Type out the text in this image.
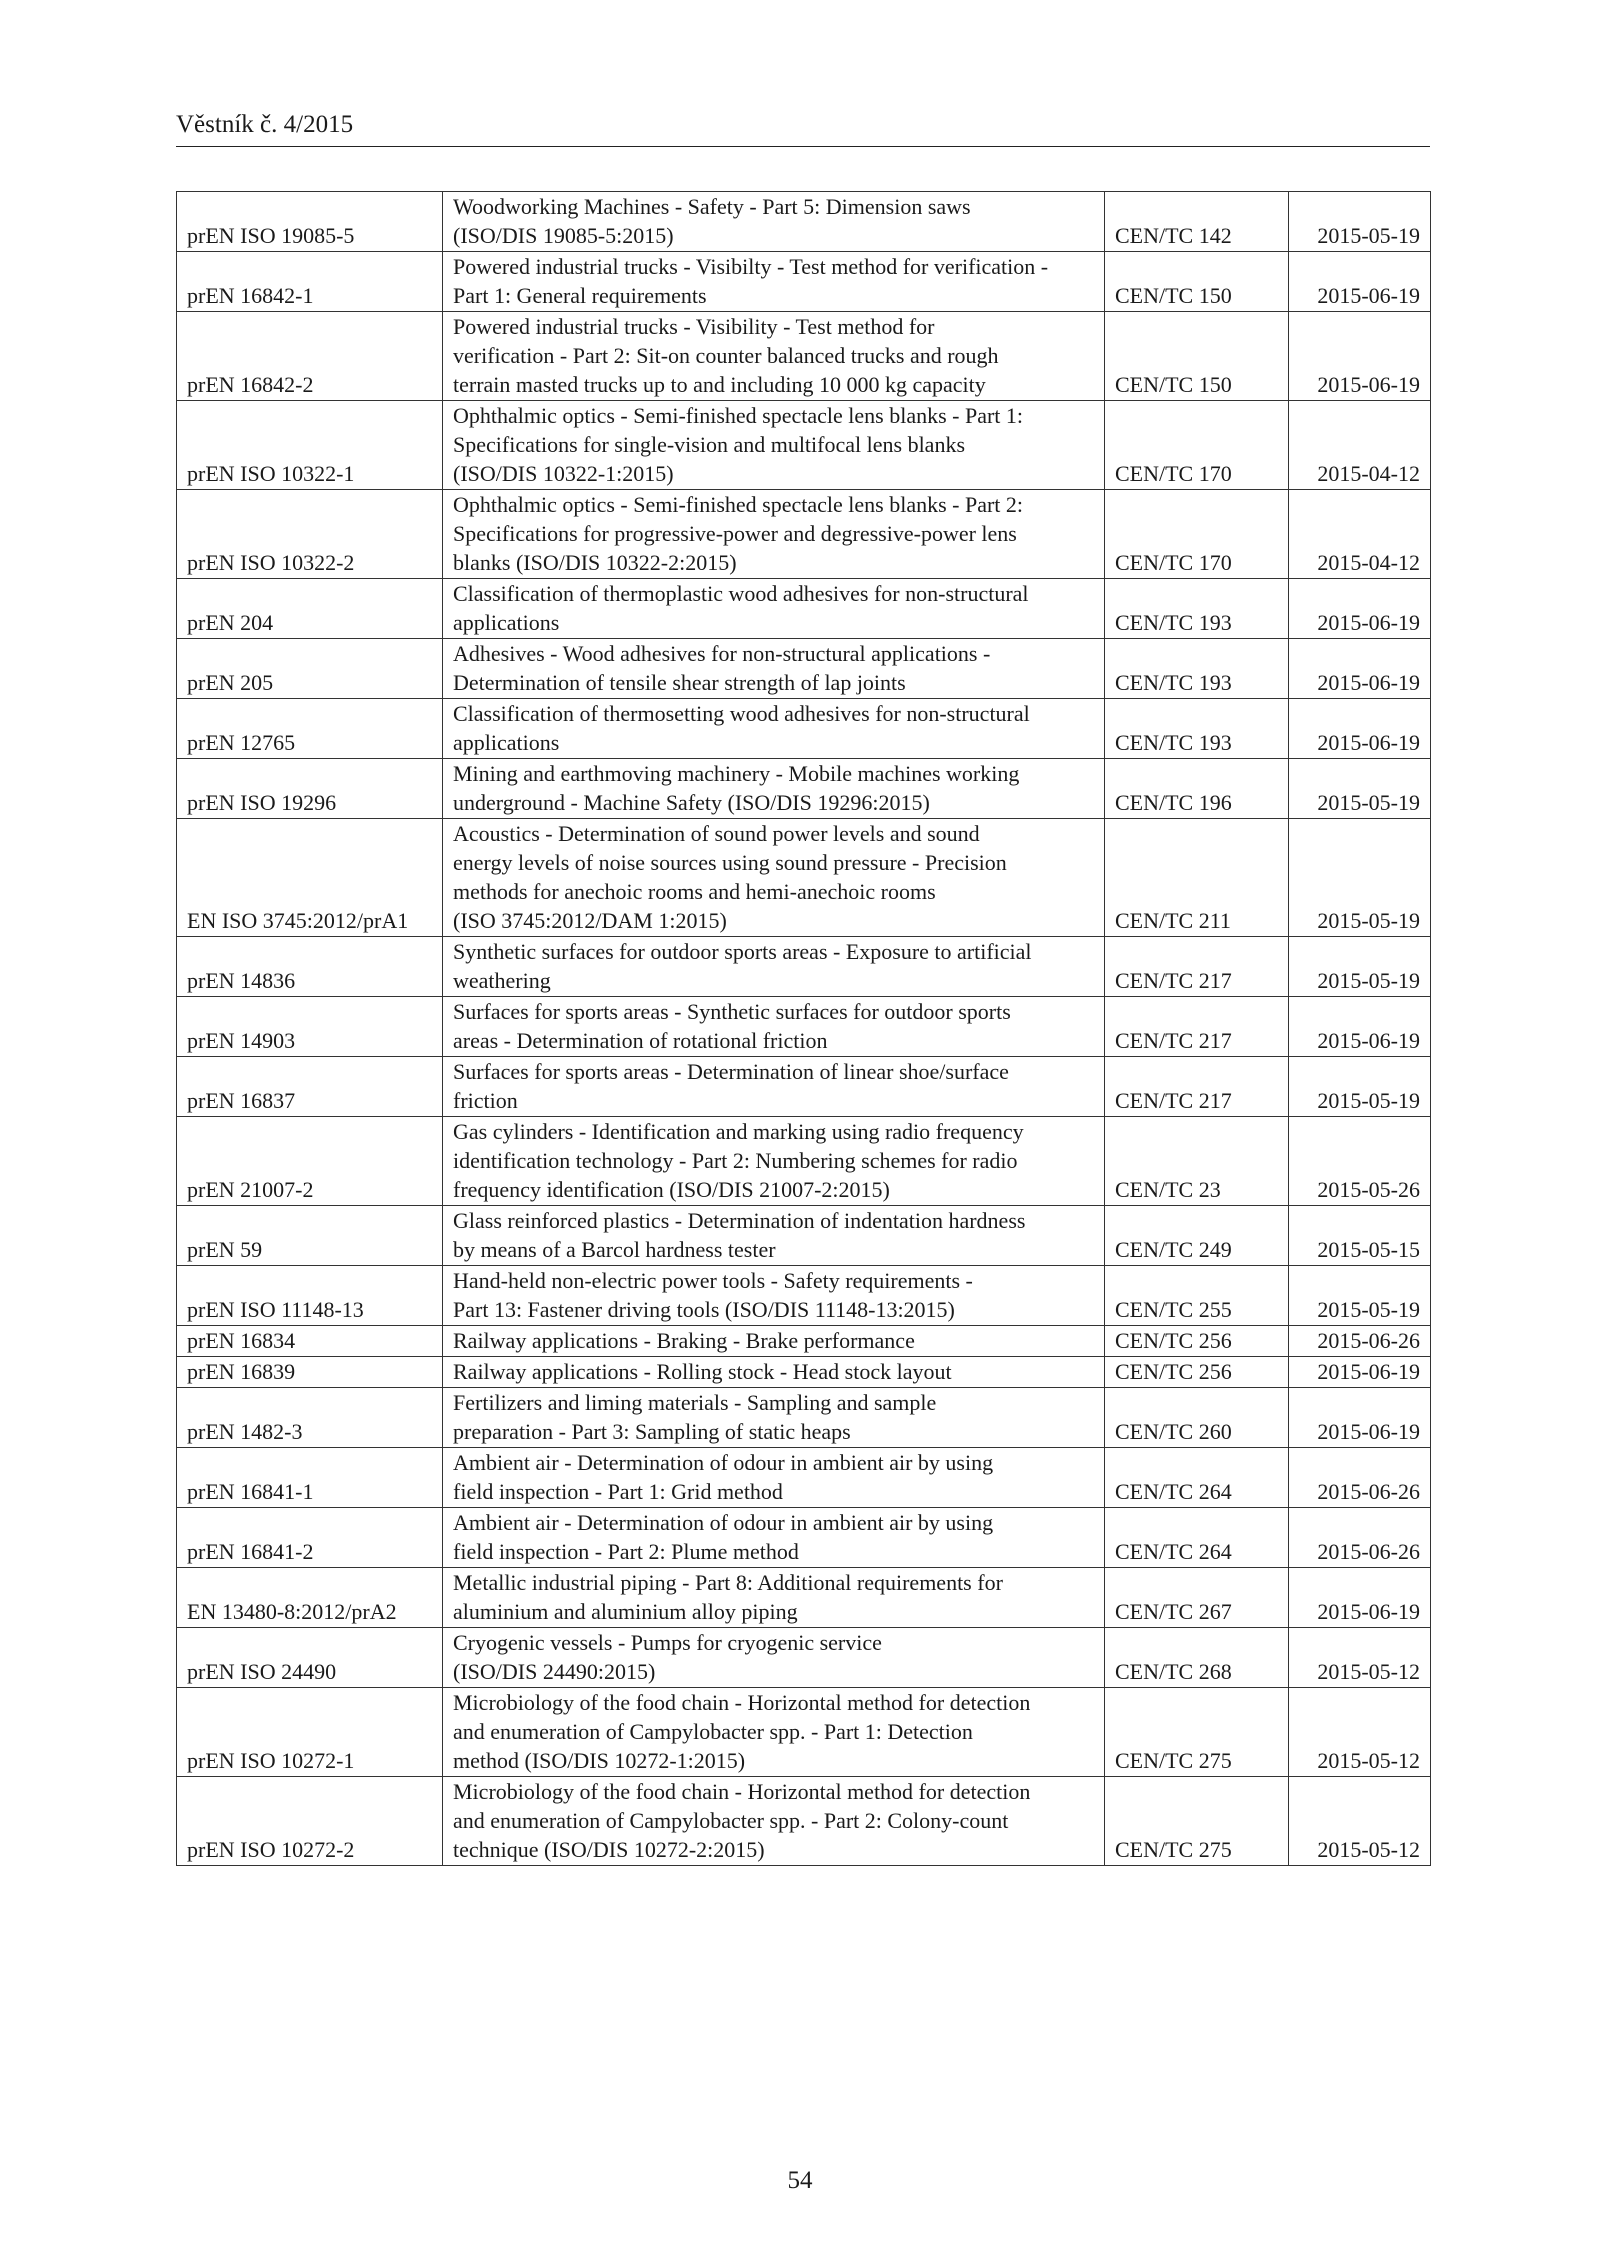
Věstník č. 4/2015
prEN ISO 19085-5	Woodworking Machines - Safety - Part 5: Dimension saws
(ISO/DIS 19085-5:2015)	CEN/TC 142	2015-05-19
prEN 16842-1	Powered industrial trucks - Visibilty - Test method for verification -
Part 1: General requirements	CEN/TC 150	2015-06-19
prEN 16842-2	Powered industrial trucks - Visibility - Test method for
verification - Part 2: Sit-on counter balanced trucks and rough
terrain masted trucks up to and including 10 000 kg capacity	CEN/TC 150	2015-06-19
prEN ISO 10322-1	Ophthalmic optics - Semi-finished spectacle lens blanks - Part 1:
Specifications for single-vision and multifocal lens blanks
(ISO/DIS 10322-1:2015)	CEN/TC 170	2015-04-12
prEN ISO 10322-2	Ophthalmic optics - Semi-finished spectacle lens blanks - Part 2:
Specifications for progressive-power and degressive-power lens
blanks (ISO/DIS 10322-2:2015)	CEN/TC 170	2015-04-12
prEN 204	Classification of thermoplastic wood adhesives for non-structural
applications	CEN/TC 193	2015-06-19
prEN 205	Adhesives - Wood adhesives for non-structural applications -
Determination of tensile shear strength of lap joints	CEN/TC 193	2015-06-19
prEN 12765	Classification of thermosetting wood adhesives for non-structural
applications	CEN/TC 193	2015-06-19
prEN ISO 19296	Mining and earthmoving machinery - Mobile machines working
underground - Machine Safety (ISO/DIS 19296:2015)	CEN/TC 196	2015-05-19
EN ISO 3745:2012/prA1	Acoustics - Determination of sound power levels and sound
energy levels of noise sources using sound pressure - Precision
methods for anechoic rooms and hemi-anechoic rooms
(ISO 3745:2012/DAM 1:2015)	CEN/TC 211	2015-05-19
prEN 14836	Synthetic surfaces for outdoor sports areas - Exposure to artificial
weathering	CEN/TC 217	2015-05-19
prEN 14903	Surfaces for sports areas - Synthetic surfaces for outdoor sports
areas - Determination of rotational friction	CEN/TC 217	2015-06-19
prEN 16837	Surfaces for sports areas - Determination of linear shoe/surface
friction	CEN/TC 217	2015-05-19
prEN 21007-2	Gas cylinders - Identification and marking using radio frequency
identification technology - Part 2: Numbering schemes for radio
frequency identification (ISO/DIS 21007-2:2015)	CEN/TC 23	2015-05-26
prEN 59	Glass reinforced plastics - Determination of indentation hardness
by means of a Barcol hardness tester	CEN/TC 249	2015-05-15
prEN ISO 11148-13	Hand-held non-electric power tools - Safety requirements -
Part 13: Fastener driving tools (ISO/DIS 11148-13:2015)	CEN/TC 255	2015-05-19
prEN 16834	Railway applications - Braking - Brake performance	CEN/TC 256	2015-06-26
prEN 16839	Railway applications - Rolling stock - Head stock layout	CEN/TC 256	2015-06-19
prEN 1482-3	Fertilizers and liming materials - Sampling and sample
preparation - Part 3: Sampling of static heaps	CEN/TC 260	2015-06-19
prEN 16841-1	Ambient air - Determination of odour in ambient air by using
field inspection - Part 1: Grid method	CEN/TC 264	2015-06-26
prEN 16841-2	Ambient air - Determination of odour in ambient air by using
field inspection - Part 2: Plume method	CEN/TC 264	2015-06-26
EN 13480-8:2012/prA2	Metallic industrial piping - Part 8: Additional requirements for
aluminium and aluminium alloy piping	CEN/TC 267	2015-06-19
prEN ISO 24490	Cryogenic vessels - Pumps for cryogenic service
(ISO/DIS 24490:2015)	CEN/TC 268	2015-05-12
prEN ISO 10272-1	Microbiology of the food chain - Horizontal method for detection
and enumeration of Campylobacter spp. - Part 1: Detection
method (ISO/DIS 10272-1:2015)	CEN/TC 275	2015-05-12
prEN ISO 10272-2	Microbiology of the food chain - Horizontal method for detection
and enumeration of Campylobacter spp. - Part 2: Colony-count
technique (ISO/DIS 10272-2:2015)	CEN/TC 275	2015-05-12
54
